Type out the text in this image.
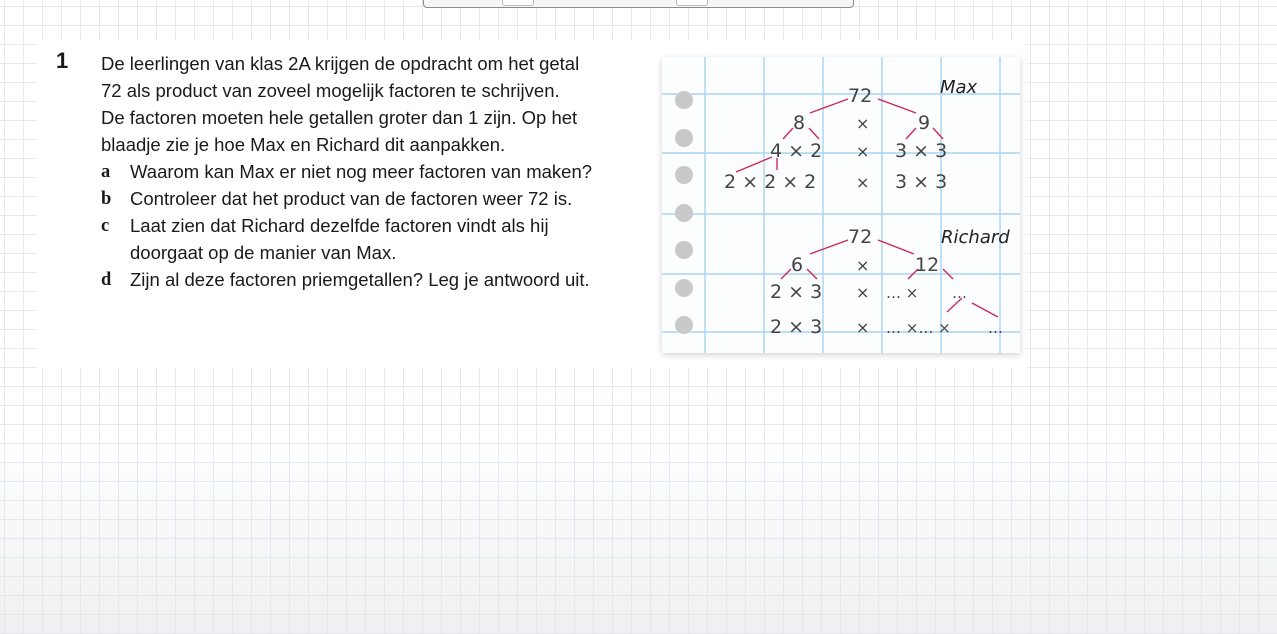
1 De leerlingen van klas 2A krijgen de opdracht om het getal
72 als product van zoveel mogelijk factoren te schrijven.
De factoren moeten hele getallen groter dan 1 zijn. Op het
blaadje zie je hoe Max en Richard dit aanpakken.
a Waarom kan Max er niet nog meer factoren van maken?
b Controleer dat het product van de factoren weer 72 is.
c Laat zien dat Richard dezelfde factoren vindt als hij
doorgaat op de manier van Max.
d Zijn al deze factoren priemgetallen? Leg je antwoord uit.
Max
72
8	×	9
4 × 2 × 3 × 3
2 × 2 × 2 × 3 × 3
Richard
72
6	× 12
2 × 3 × … × …
2 × 3 × … ×… × …
